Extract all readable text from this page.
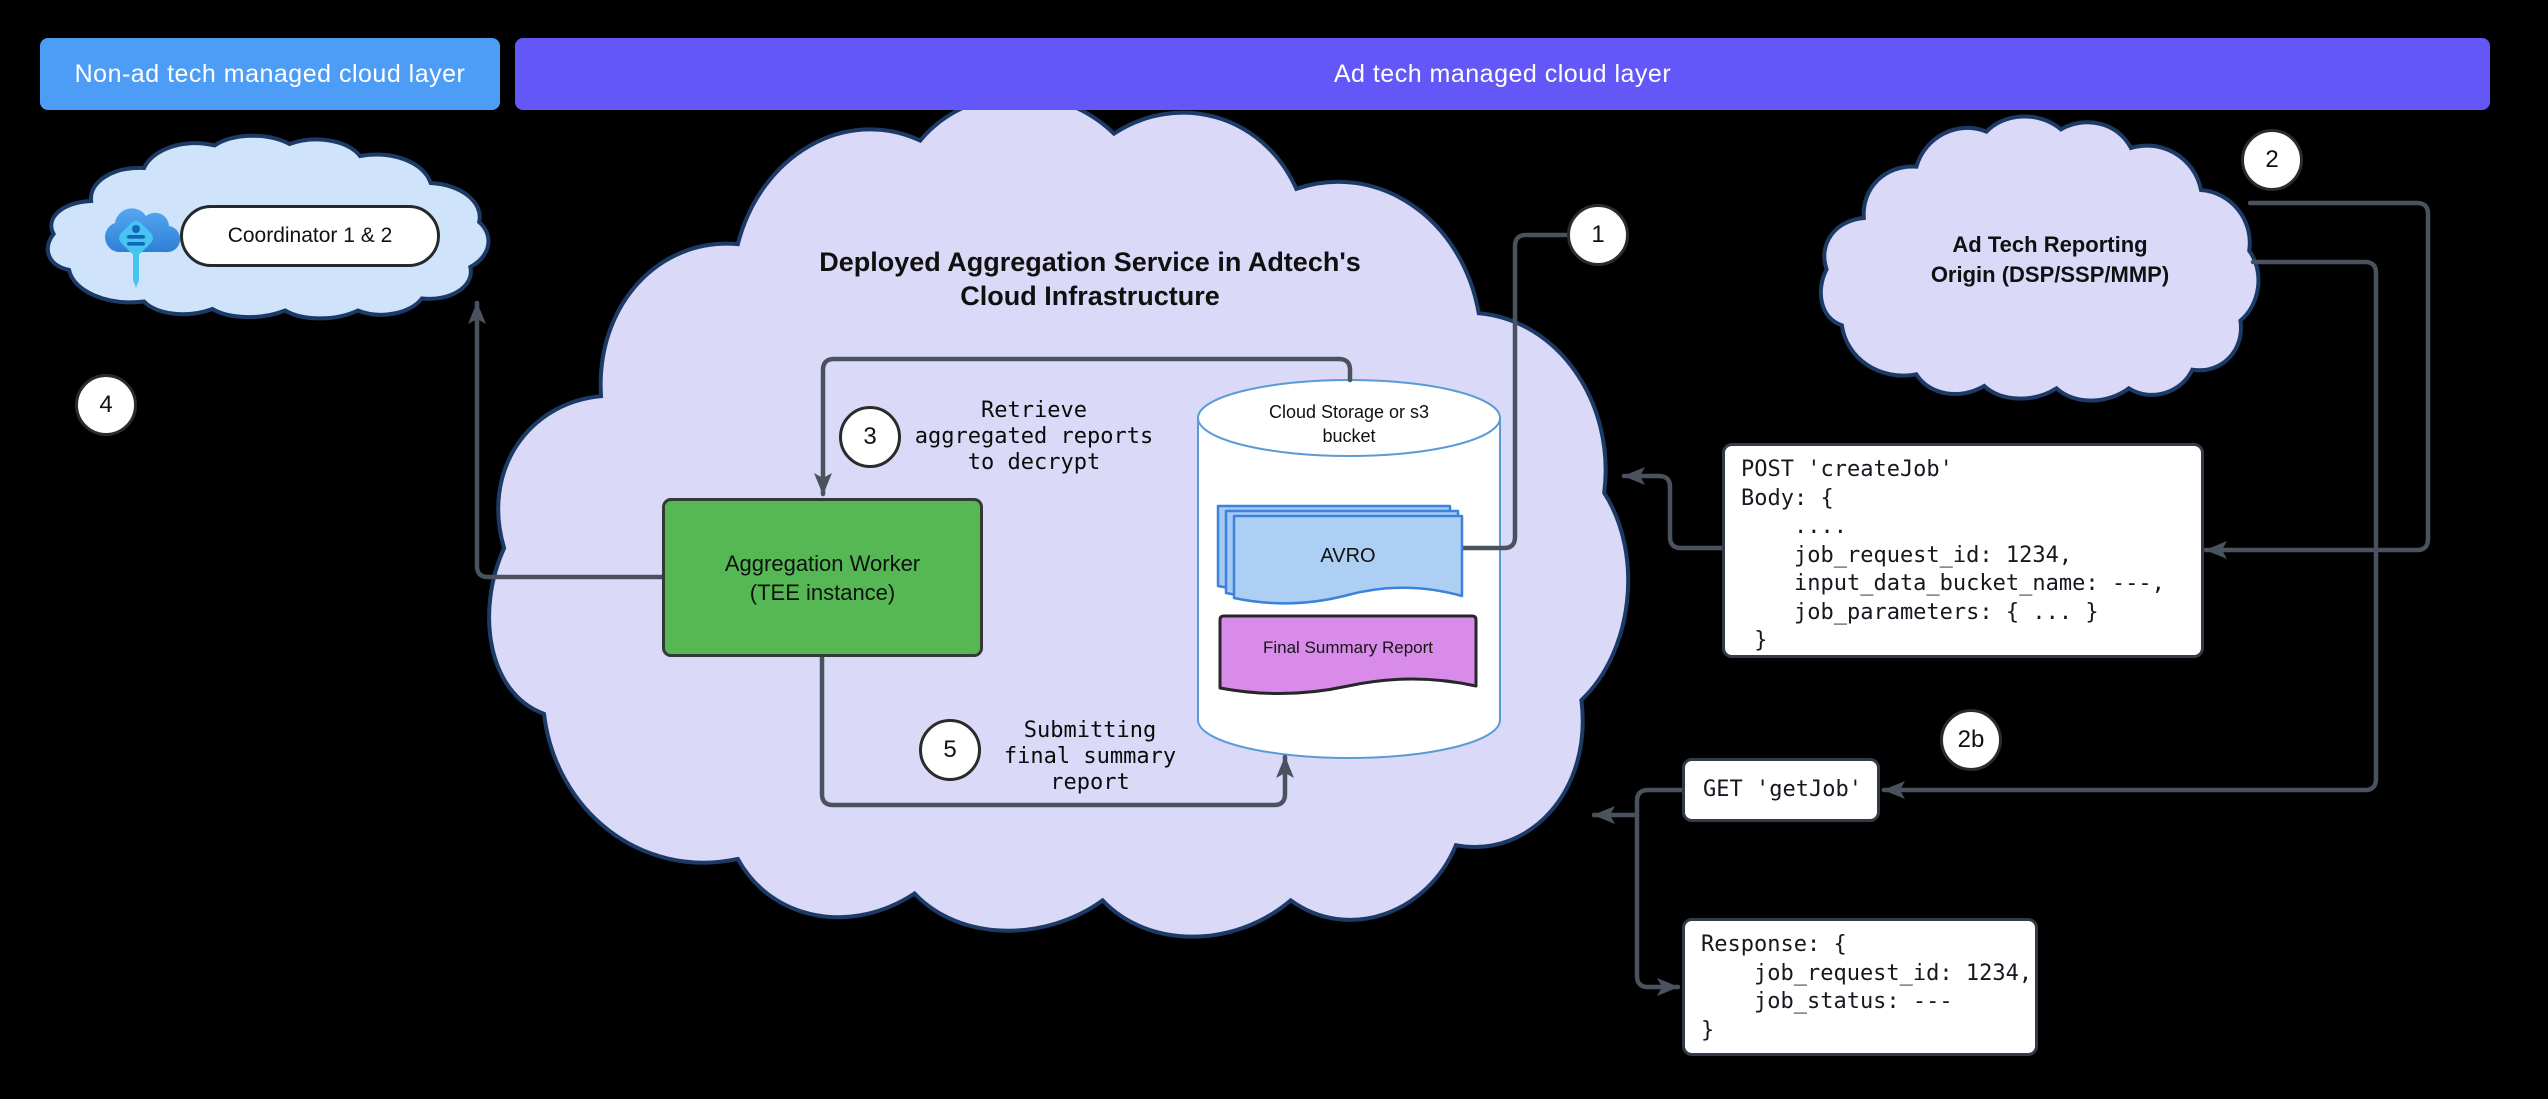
Non-ad tech managed cloud layer	Ad tech managed cloud layer
Coordinator 1 & 2
Deployed Aggregation Service in Adtech's
Cloud Infrastructure
Ad Tech Reporting
Origin (DSP/SSP/MMP)
Aggregation Worker
(TEE instance)
Cloud Storage or s3
bucket
AVRO
Final Summary Report
Retrieve
aggregated reports
to decrypt
Submitting
final summary
report
POST 'createJob'
Body: {
....
job_request_id: 1234,
input_data_bucket_name: ---,
job_parameters: { ... }
}
GET 'getJob'
Response: {
job_request_id: 1234,
job_status: ---
}
1
2
2b
3
4
5
